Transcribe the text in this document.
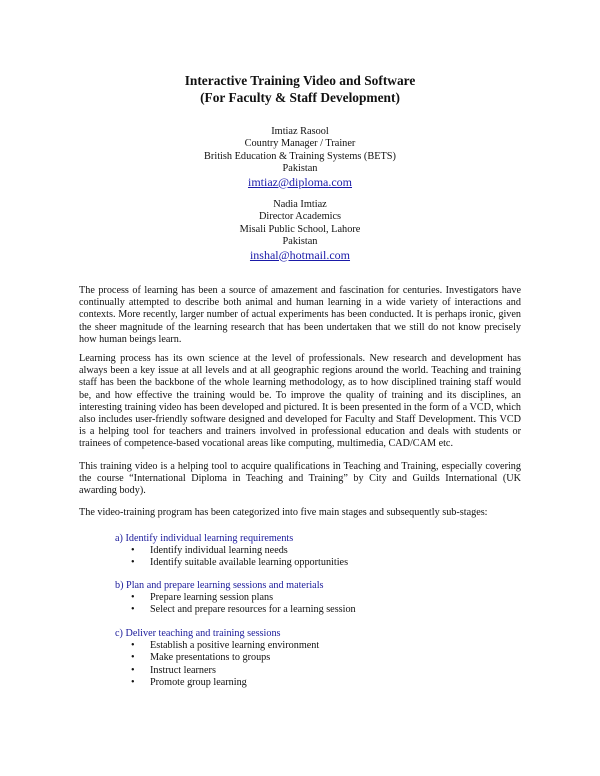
Interactive Training Video and Software
(For Faculty & Staff Development)
Imtiaz Rasool
Country Manager / Trainer
British Education & Training Systems (BETS)
Pakistan
imtiaz@diploma.com
Nadia Imtiaz
Director Academics
Misali Public School, Lahore
Pakistan
inshal@hotmail.com

The process of learning has been a source of amazement and fascination for centuries. Investigators have continually attempted to describe both animal and human learning in a wide variety of interactions and contexts. More recently, larger number of actual experiments has been conducted. It is perhaps ironic, given the sheer magnitude of the learning research that has been undertaken that we still do not know precisely how human beings learn.

Learning process has its own science at the level of professionals. New research and development has always been a key issue at all levels and at all geographic regions around the world. Teaching and training staff has been the backbone of the whole learning methodology, as to how disciplined training staff would be, and how effective the training would be. To improve the quality of training and its disciplines, an interesting training video has been developed and pictured. It is been presented in the form of a VCD, which also includes user-friendly software designed and developed for Faculty and Staff Development. This VCD is a helping tool for teachers and trainers involved in professional education and deals with students or trainees of competence-based vocational areas like computing, multimedia, CAD/CAM etc.

This training video is a helping tool to acquire qualifications in Teaching and Training, especially covering the course “International Diploma in Teaching and Training” by City and Guilds International (UK awarding body).

The video-training program has been categorized into five main stages and subsequently sub-stages:

a) Identify individual learning requirements
• Identify individual learning needs
• Identify suitable available learning opportunities
b) Plan and prepare learning sessions and materials
• Prepare learning session plans
• Select and prepare resources for a learning session
c) Deliver teaching and training sessions
• Establish a positive learning environment
• Make presentations to groups
• Instruct learners
• Promote group learning
